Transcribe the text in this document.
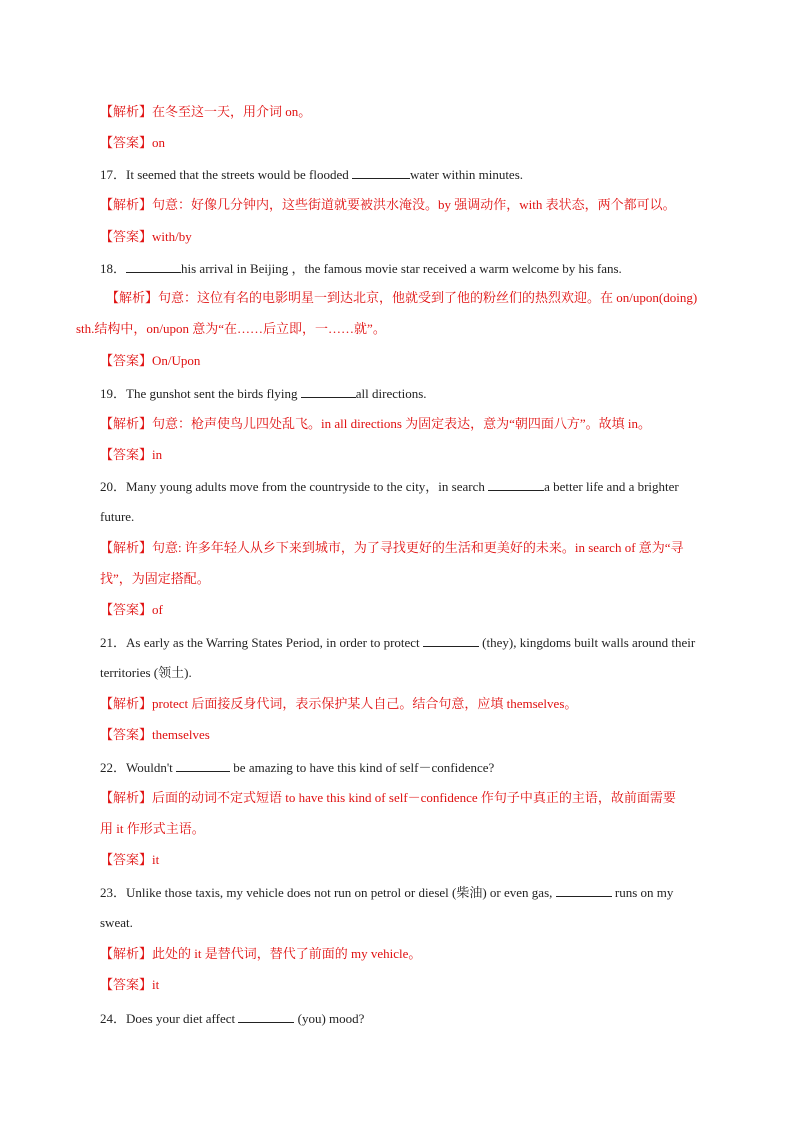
【解析】在冬至这一天，用介词 on。
【答案】on
17．It seemed that the streets would be flooded	water within minutes.
【解析】句意：好像几分钟内，这些街道就要被洪水淹没。by 强调动作，with 表状态，两个都可以。
【答案】with/by
18．	his arrival in Beijing ，the famous movie star received a warm welcome by his fans.
【解析】句意：这位有名的电影明星一到达北京，他就受到了他的粉丝们的热烈欢迎。在 on/upon(doing)
sth.结构中，on/upon 意为“在……后立即，一……就”。
【答案】On/Upon
19．The gunshot sent the birds flying	all directions.
【解析】句意：枪声使鸟儿四处乱飞。in all directions 为固定表达，意为“朝四面八方”。故填 in。
【答案】in
20．Many young adults move from the countryside to the city，in search	a better life and a brighter
future.
【解析】句意: 许多年轻人从乡下来到城市，为了寻找更好的生活和更美好的未来。in search of 意为“寻
找”，为固定搭配。
【答案】of
21．As early as the Warring States Period, in order to protect	(they), kingdoms built walls around their
territories (领土).
【解析】protect 后面接反身代词，表示保护某人自己。结合句意，应填 themselves。
【答案】themselves
22．Wouldn't	be amazing to have this kind of self－confidence?
【解析】后面的动词不定式短语 to have this kind of self－confidence 作句子中真正的主语，故前面需要
用 it 作形式主语。
【答案】it
23．Unlike those taxis, my vehicle does not run on petrol or diesel (柴油) or even gas,	runs on my
sweat.
【解析】此处的 it 是替代词，替代了前面的 my vehicle。
【答案】it
24．Does your diet affect	(you) mood?
